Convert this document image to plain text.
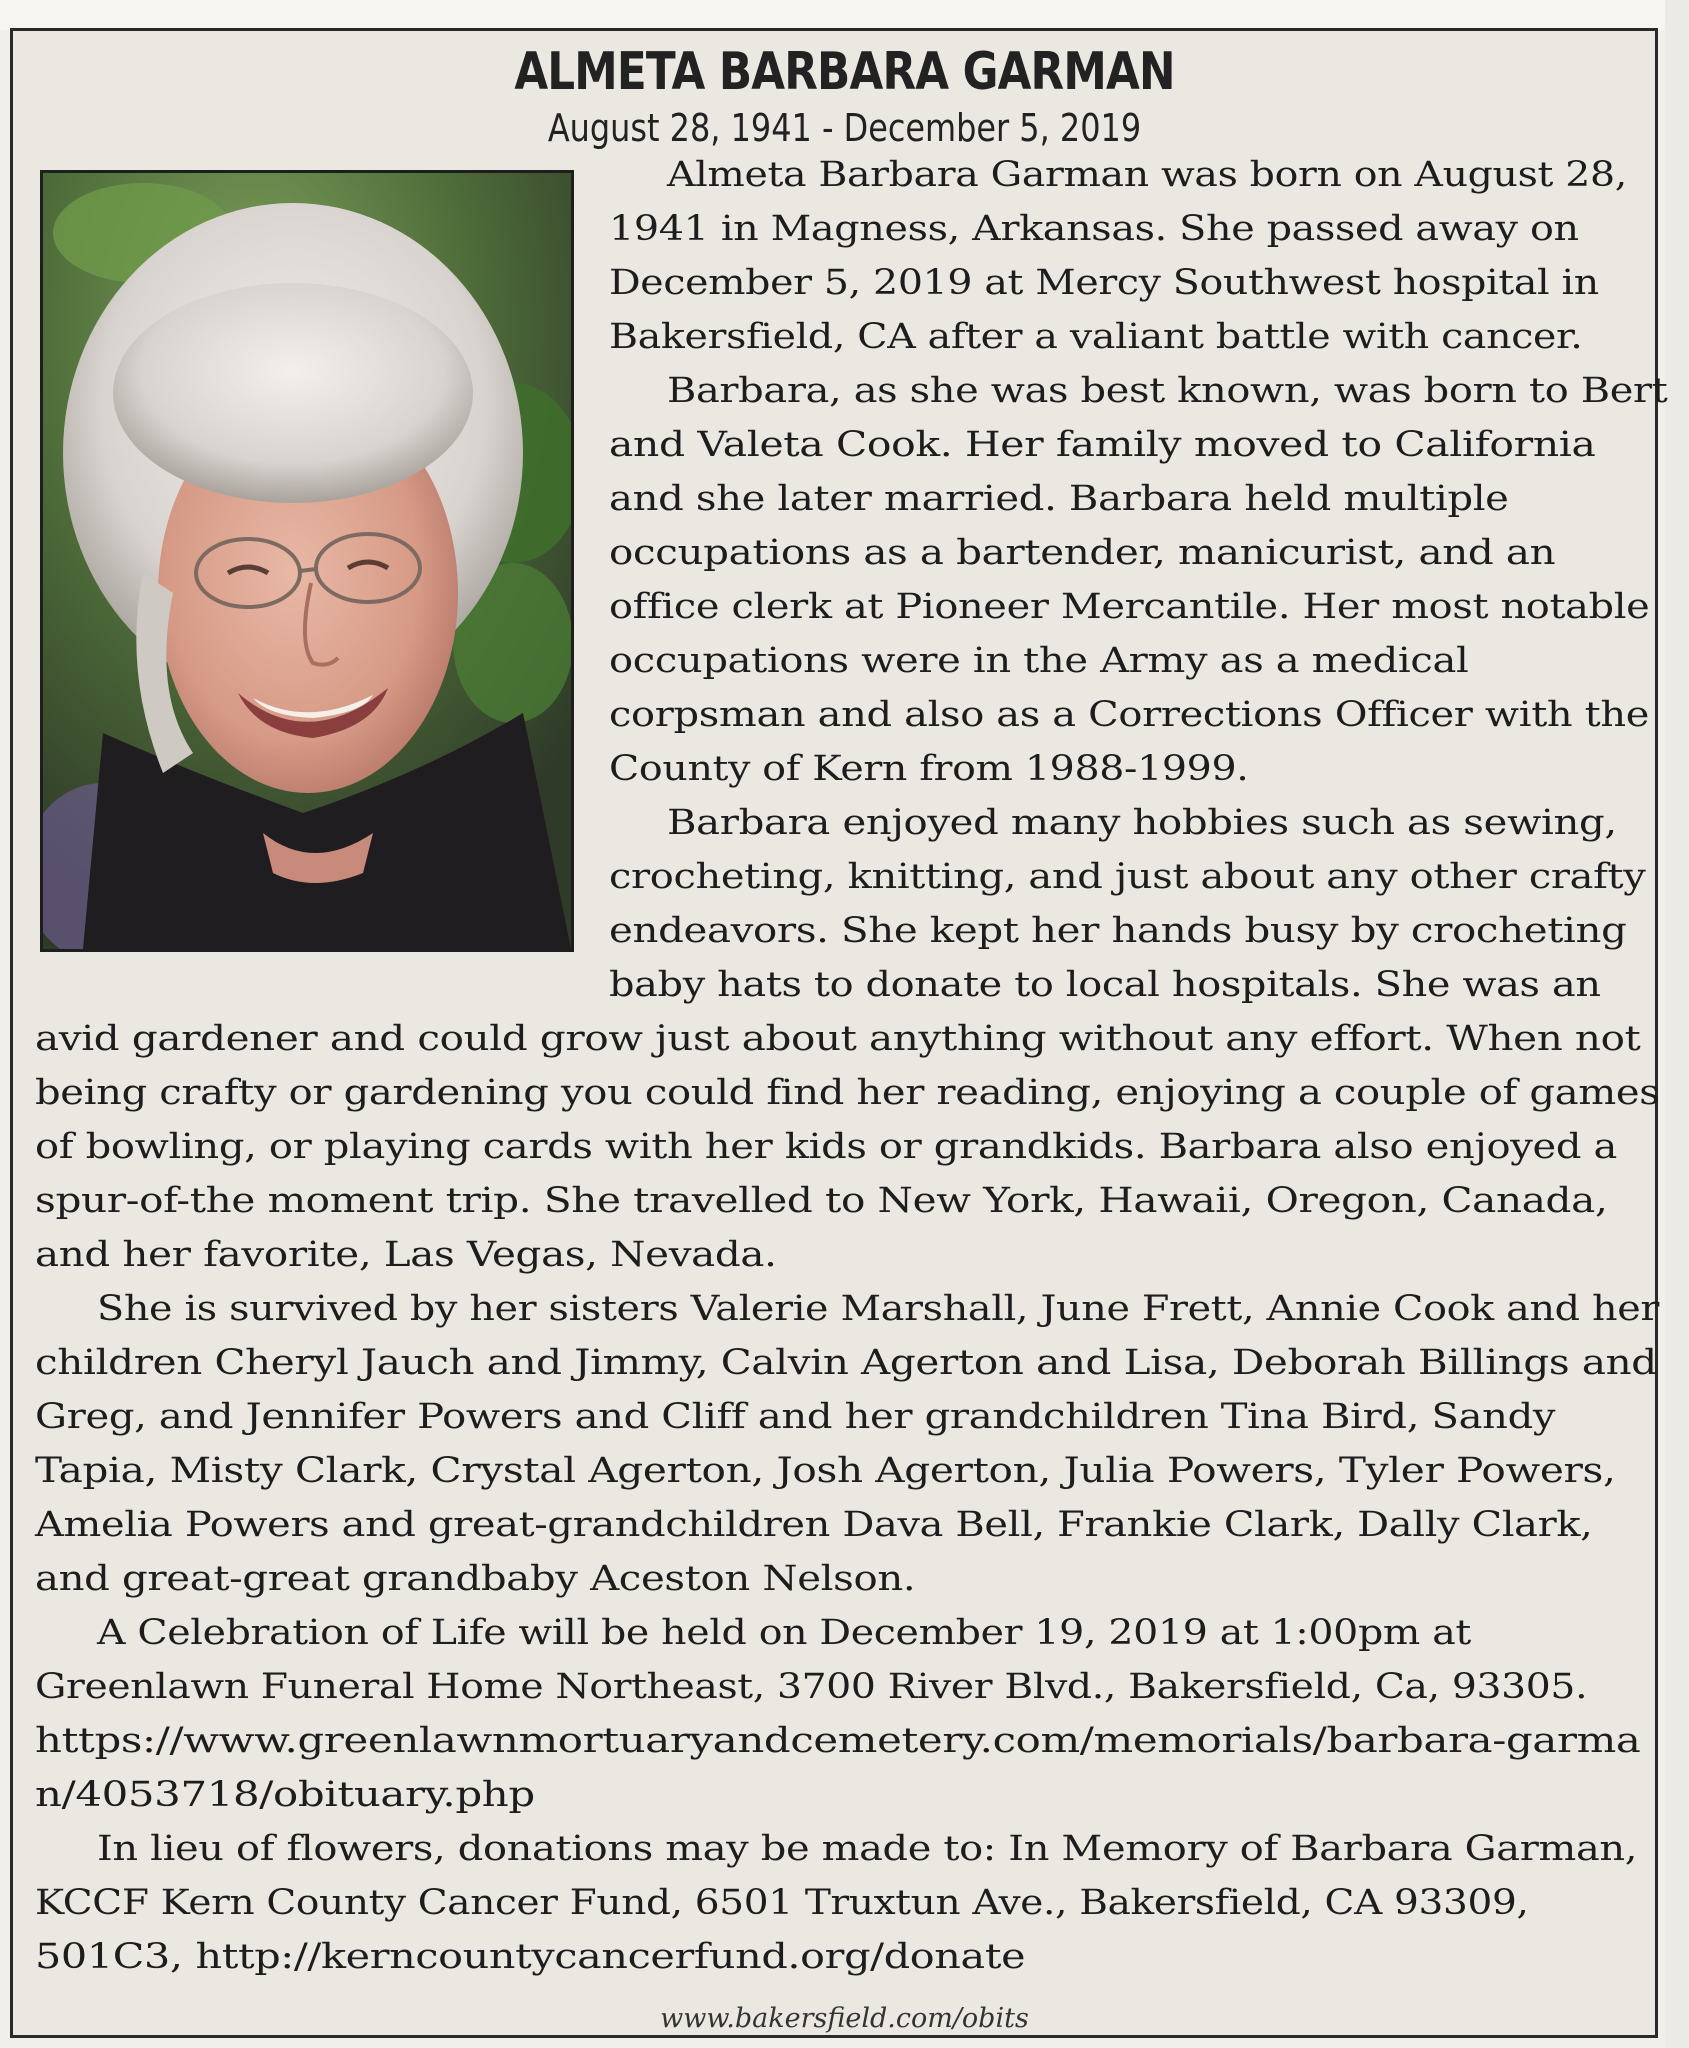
ALMETA BARBARA GARMAN
August 28, 1941 - December 5, 2019
Almeta Barbara Garman was born on August 28,
1941 in Magness, Arkansas. She passed away on
December 5, 2019 at Mercy Southwest hospital in
Bakersfield, CA after a valiant battle with cancer.
Barbara, as she was best known, was born to Bert
and Valeta Cook. Her family moved to California
and she later married. Barbara held multiple
occupations as a bartender, manicurist, and an
office clerk at Pioneer Mercantile. Her most notable
occupations were in the Army as a medical
corpsman and also as a Corrections Officer with the
County of Kern from 1988-1999.
Barbara enjoyed many hobbies such as sewing,
crocheting, knitting, and just about any other crafty
endeavors. She kept her hands busy by crocheting
baby hats to donate to local hospitals. She was an
avid gardener and could grow just about anything without any effort. When not
being crafty or gardening you could find her reading, enjoying a couple of games
of bowling, or playing cards with her kids or grandkids. Barbara also enjoyed a
spur-of-the moment trip. She travelled to New York, Hawaii, Oregon, Canada,
and her favorite, Las Vegas, Nevada.
She is survived by her sisters Valerie Marshall, June Frett, Annie Cook and her
children Cheryl Jauch and Jimmy, Calvin Agerton and Lisa, Deborah Billings and
Greg, and Jennifer Powers and Cliff and her grandchildren Tina Bird, Sandy
Tapia, Misty Clark, Crystal Agerton, Josh Agerton, Julia Powers, Tyler Powers,
Amelia Powers and great-grandchildren Dava Bell, Frankie Clark, Dally Clark,
and great-great grandbaby Aceston Nelson.
A Celebration of Life will be held on December 19, 2019 at 1:00pm at
Greenlawn Funeral Home Northeast, 3700 River Blvd., Bakersfield, Ca, 93305.
https://www.greenlawnmortuaryandcemetery.com/memorials/barbara-garma
n/4053718/obituary.php
In lieu of flowers, donations may be made to: In Memory of Barbara Garman,
KCCF Kern County Cancer Fund, 6501 Truxtun Ave., Bakersfield, CA 93309,
501C3, http://kerncountycancerfund.org/donate
www.bakersfield.com/obits
